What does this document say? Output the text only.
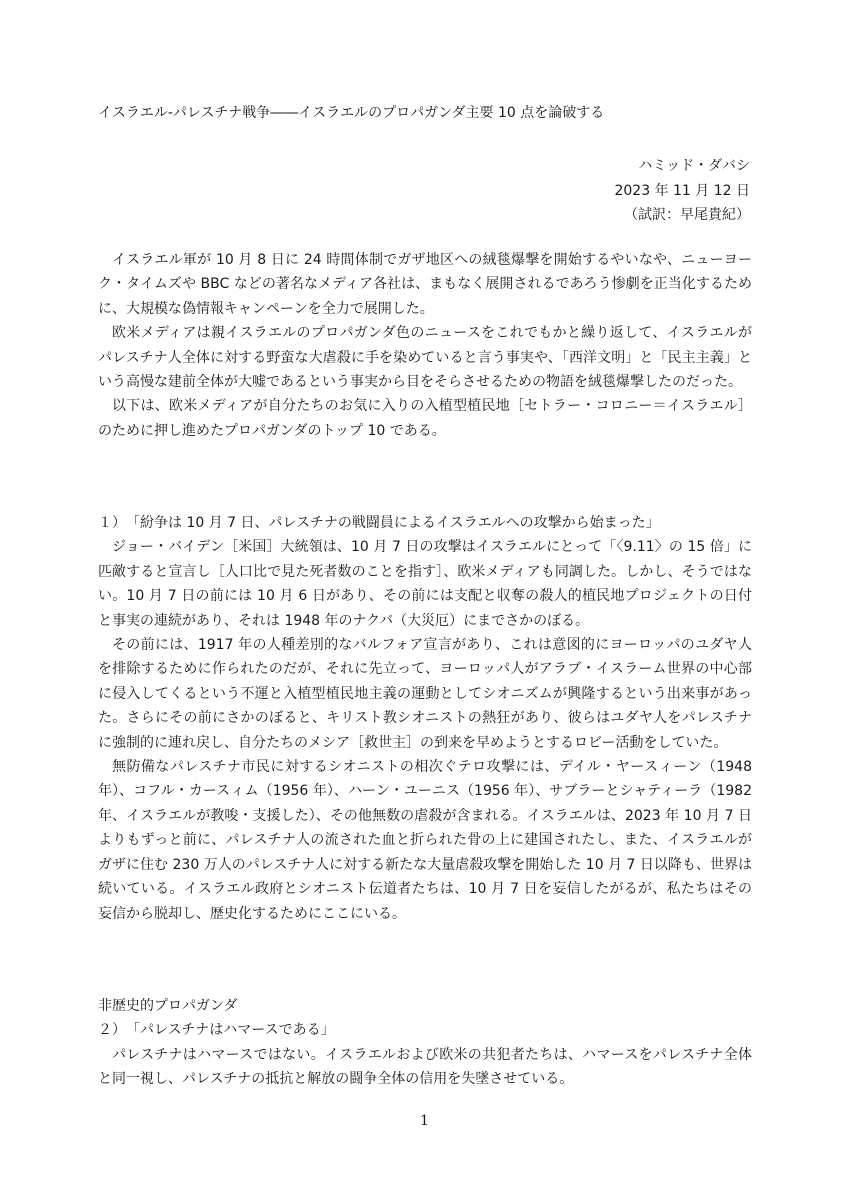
イスラエル-パレスチナ戦争――イスラエルのプロパガンダ主要 10 点を論破する
ハミッド・ダバシ
2023 年 11 月 12 日
（試訳：早尾貴紀）

イスラエル軍が 10 月 8 日に 24 時間体制でガザ地区への絨毯爆撃を開始するやいなや、ニューヨーク・タイムズや BBC などの著名なメディア各社は、まもなく展開されるであろう惨劇を正当化するために、大規模な偽情報キャンペーンを全力で展開した。

欧米メディアは親イスラエルのプロパガンダ色のニュースをこれでもかと繰り返して、イスラエルがパレスチナ人全体に対する野蛮な大虐殺に手を染めていると言う事実や、「西洋文明」と「民主主義」という高慢な建前全体が大嘘であるという事実から目をそらさせるための物語を絨毯爆撃したのだった。

以下は、欧米メディアが自分たちのお気に入りの入植型植民地［セトラー・コロニー＝イスラエル］のために押し進めたプロパガンダのトップ 10 である。

１）　「紛争は 10 月 7 日、パレスチナの戦闘員によるイスラエルへの攻撃から始まった」

ジョー・バイデン［米国］大統領は、10 月 7 日の攻撃はイスラエルにとって「〈9.11〉の 15 倍」に匹敵すると宣言し［人口比で見た死者数のことを指す］、欧米メディアも同調した。しかし、そうではない。10 月 7 日の前には 10 月 6 日があり、その前には支配と収奪の殺人的植民地プロジェクトの日付と事実の連続があり、それは 1948 年のナクバ（大災厄）にまでさかのぼる。

その前には、1917 年の人種差別的なバルフォア宣言があり、これは意図的にヨーロッパのユダヤ人を排除するために作られたのだが、それに先立って、ヨーロッパ人がアラブ・イスラーム世界の中心部に侵入してくるという不運と入植型植民地主義の運動としてシオニズムが興隆するという出来事があった。さらにその前にさかのぼると、キリスト教シオニストの熱狂があり、彼らはユダヤ人をパレスチナに強制的に連れ戻し、自分たちのメシア［救世主］の到来を早めようとするロビー活動をしていた。

無防備なパレスチナ市民に対するシオニストの相次ぐテロ攻撃には、デイル・ヤースィーン（1948 年）、コフル・カースィム（1956 年）、ハーン・ユーニス（1956 年）、サブラーとシャティーラ（1982 年、イスラエルが教唆・支援した）、その他無数の虐殺が含まれる。イスラエルは、2023 年 10 月 7 日よりもずっと前に、パレスチナ人の流された血と折られた骨の上に建国されたし、また、イスラエルがガザに住む 230 万人のパレスチナ人に対する新たな大量虐殺攻撃を開始した 10 月 7 日以降も、世界は続いている。イスラエル政府とシオニスト伝道者たちは、10 月 7 日を妄信したがるが、私たちはその妄信から脱却し、歴史化するためにここにいる。

非歴史的プロパガンダ
２）　「パレスチナはハマースである」

パレスチナはハマースではない。イスラエルおよび欧米の共犯者たちは、ハマースをパレスチナ全体と同一視し、パレスチナの抵抗と解放の闘争全体の信用を失墜させている。

1
